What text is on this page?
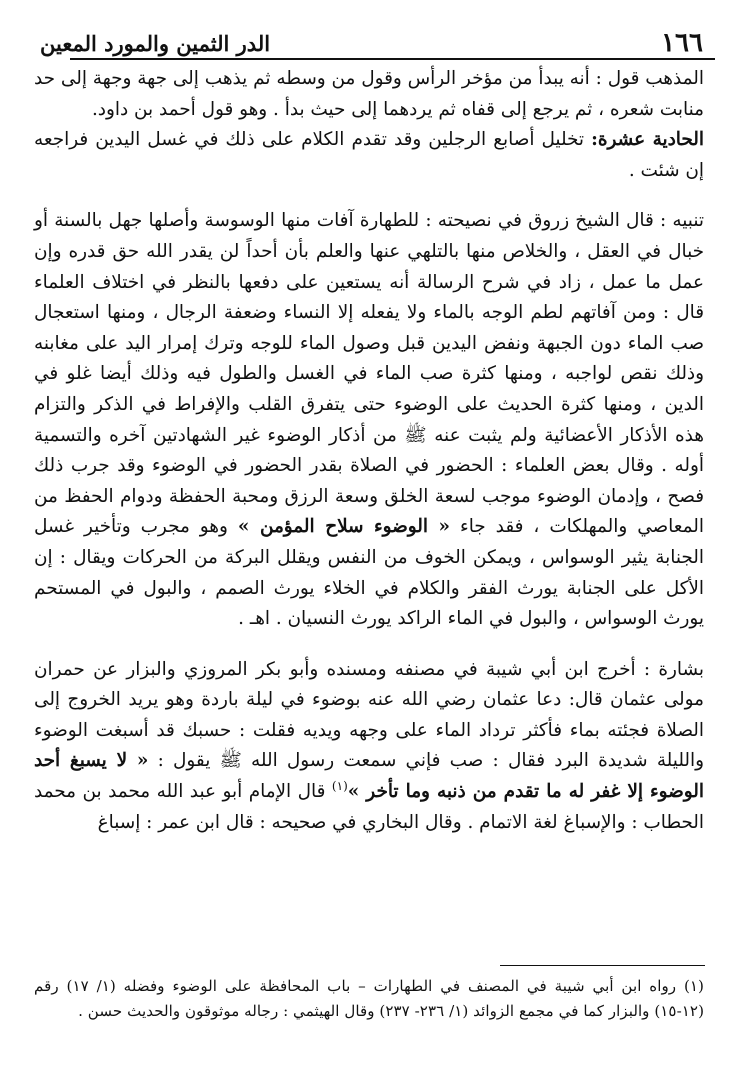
١٦٦
الدر الثمين والمورد المعين

المذهب قول : أنه يبدأ من مؤخر الرأس وقول من وسطه ثم يذهب إلى جهة وجهة إلى حد منابت شعره ، ثم يرجع إلى قفاه ثم يردهما إلى حيث بدأ . وهو قول أحمد بن داود.

الحادية عشرة: تخليل أصابع الرجلين وقد تقدم الكلام على ذلك في غسل اليدين فراجعه إن شئت .

تنبيه : قال الشيخ زروق في نصيحته : للطهارة آفات منها الوسوسة وأصلها جهل بالسنة أو خبال في العقل ، والخلاص منها بالتلهي عنها والعلم بأن أحداً لن يقدر الله حق قدره وإن عمل ما عمل ، زاد في شرح الرسالة أنه يستعين على دفعها بالنظر في اختلاف العلماء قال : ومن آفاتهم لطم الوجه بالماء ولا يفعله إلا النساء وضعفة الرجال ، ومنها استعجال صب الماء دون الجبهة ونفض اليدين قبل وصول الماء للوجه وترك إمرار اليد على مغابنه وذلك نقص لواجبه ، ومنها كثرة صب الماء في الغسل والطول فيه وذلك أيضا غلو في الدين ، ومنها كثرة الحديث على الوضوء حتى يتفرق القلب والإفراط في الذكر والتزام هذه الأذكار الأعضائية ولم يثبت عنه ﷺ من أذكار الوضوء غير الشهادتين آخره والتسمية أوله . وقال بعض العلماء : الحضور في الصلاة بقدر الحضور في الوضوء وقد جرب ذلك فصح ، وإدمان الوضوء موجب لسعة الخلق وسعة الرزق ومحبة الحفظة ودوام الحفظ من المعاصي والمهلكات ، فقد جاء « الوضوء سلاح المؤمن » وهو مجرب وتأخير غسل الجنابة يثير الوسواس ، ويمكن الخوف من النفس ويقلل البركة من الحركات ويقال : إن الأكل على الجنابة يورث الفقر والكلام في الخلاء يورث الصمم ، والبول في المستحم يورث الوسواس ، والبول في الماء الراكد يورث النسيان . اهـ .

بشارة : أخرج ابن أبي شيبة في مصنفه ومسنده وأبو بكر المروزي والبزار عن حمران مولى عثمان قال: دعا عثمان رضي الله عنه بوضوء في ليلة باردة وهو يريد الخروج إلى الصلاة فجئته بماء فأكثر ترداد الماء على وجهه ويديه فقلت : حسبك قد أسبغت الوضوء والليلة شديدة البرد فقال : صب فإني سمعت رسول الله ﷺ يقول : « لا يسبغ أحد الوضوء إلا غفر له ما تقدم من ذنبه وما تأخر »$^{(١)}$ قال الإمام أبو عبد الله محمد بن محمد الحطاب : والإسباغ لغة الاتمام . وقال البخاري في صحيحه : قال ابن عمر : إسباغ

(١) رواه ابن أبي شيبة في المصنف في الطهارات – باب المحافظة على الوضوء وفضله (١/ ١٧) رقم (١٢-١٥) والبزار كما في مجمع الزوائد (١/ ٢٣٦- ٢٣٧) وقال الهيثمي : رجاله موثوقون والحديث حسن .
